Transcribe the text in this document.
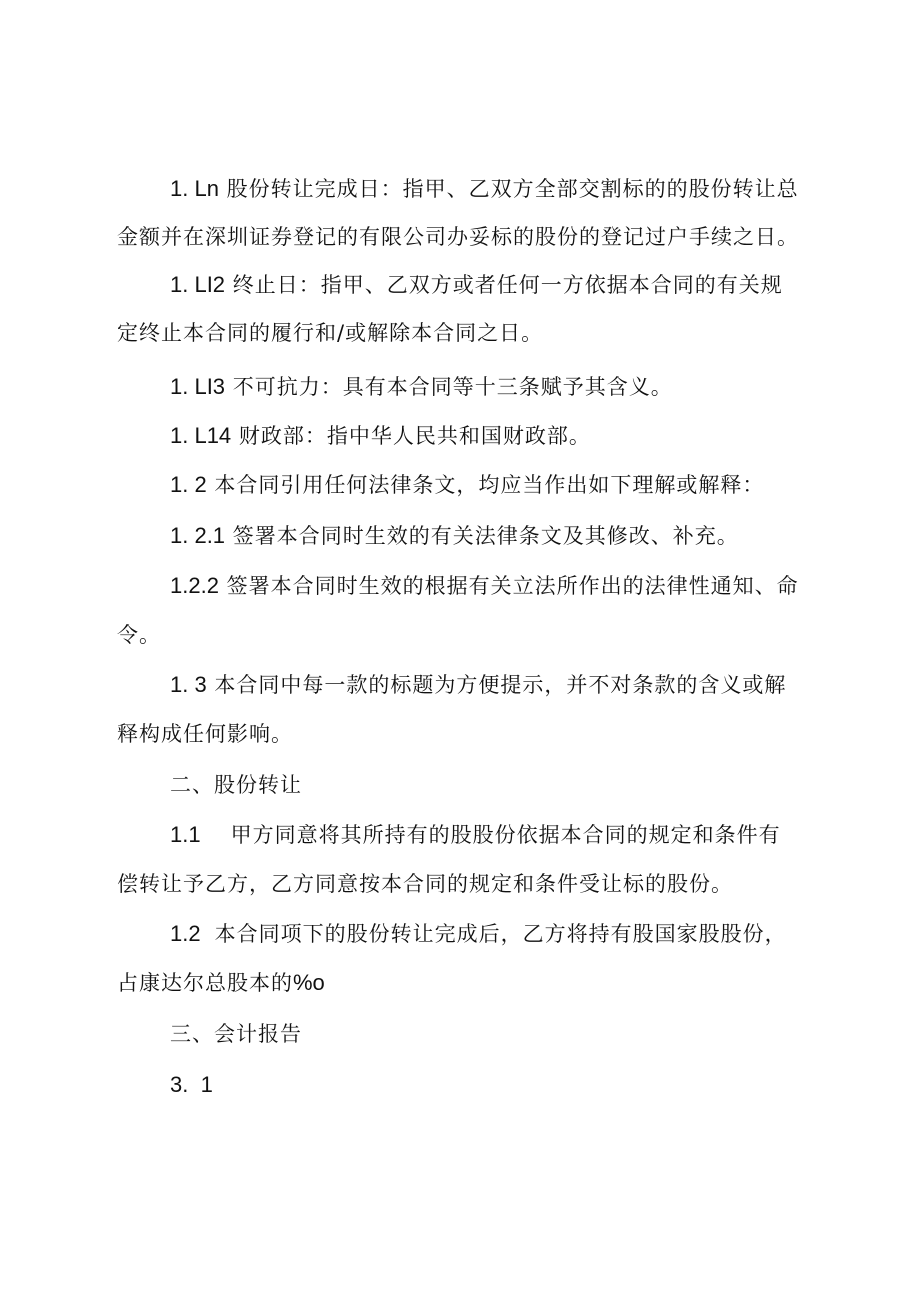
1. Ln 股份转让完成日：指甲、乙双方全部交割标的的股份转让总
金额并在深圳证券登记的有限公司办妥标的股份的登记过户手续之日。
1. LI2 终止日：指甲、乙双方或者任何一方依据本合同的有关规
定终止本合同的履行和/或解除本合同之日。
1. LI3 不可抗力：具有本合同等十三条赋予其含义。
1. L14 财政部：指中华人民共和国财政部。
1. 2 本合同引用任何法律条文，均应当作出如下理解或解释：
1. 2.1 签署本合同时生效的有关法律条文及其修改、补充。
1.2.2 签署本合同时生效的根据有关立法所作出的法律性通知、命
令。
1. 3 本合同中每一款的标题为方便提示，并不对条款的含义或解
释构成任何影响。
二、股份转让
1.1 甲方同意将其所持有的股股份依据本合同的规定和条件有
偿转让予乙方，乙方同意按本合同的规定和条件受让标的股份。
1.2 本合同项下的股份转让完成后，乙方将持有股国家股股份，
占康达尔总股本的%o
三、会计报告
3.  1
